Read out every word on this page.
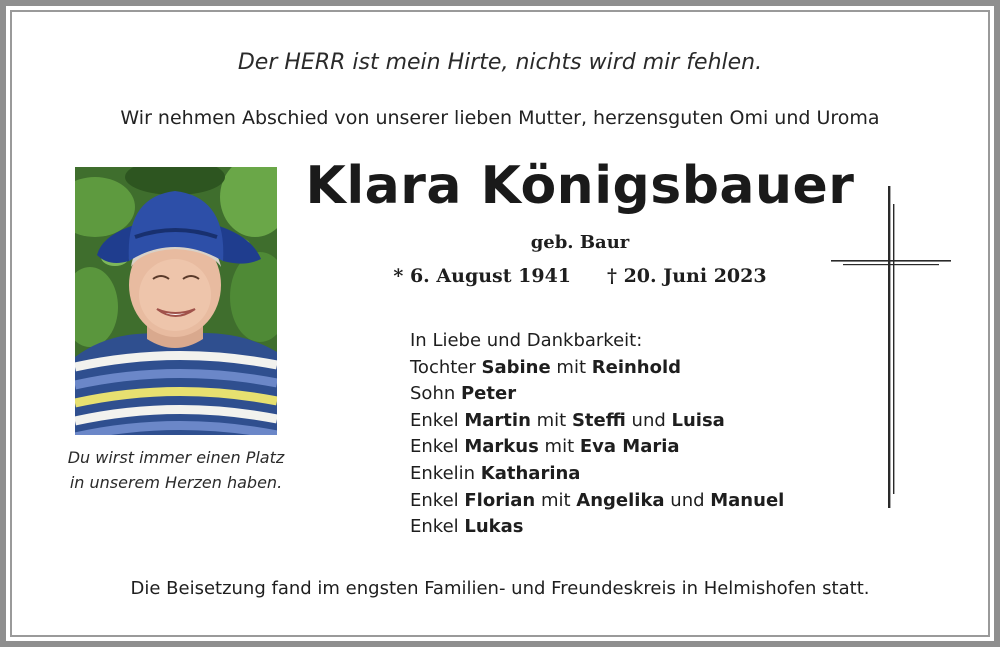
Der HERR ist mein Hirte, nichts wird mir fehlen.
Wir nehmen Abschied von unserer lieben Mutter, herzensguten Omi und Uroma
Du wirst immer einen Platz
in unserem Herzen haben.
Klara Königsbauer
geb. Baur
* 6. August 1941 † 20. Juni 2023
In Liebe und Dankbarkeit:
Tochter Sabine mit Reinhold
Sohn Peter
Enkel Martin mit Steffi und Luisa
Enkel Markus mit Eva Maria
Enkelin Katharina
Enkel Florian mit Angelika und Manuel
Enkel Lukas
Die Beisetzung fand im engsten Familien- und Freundeskreis in Helmishofen statt.
